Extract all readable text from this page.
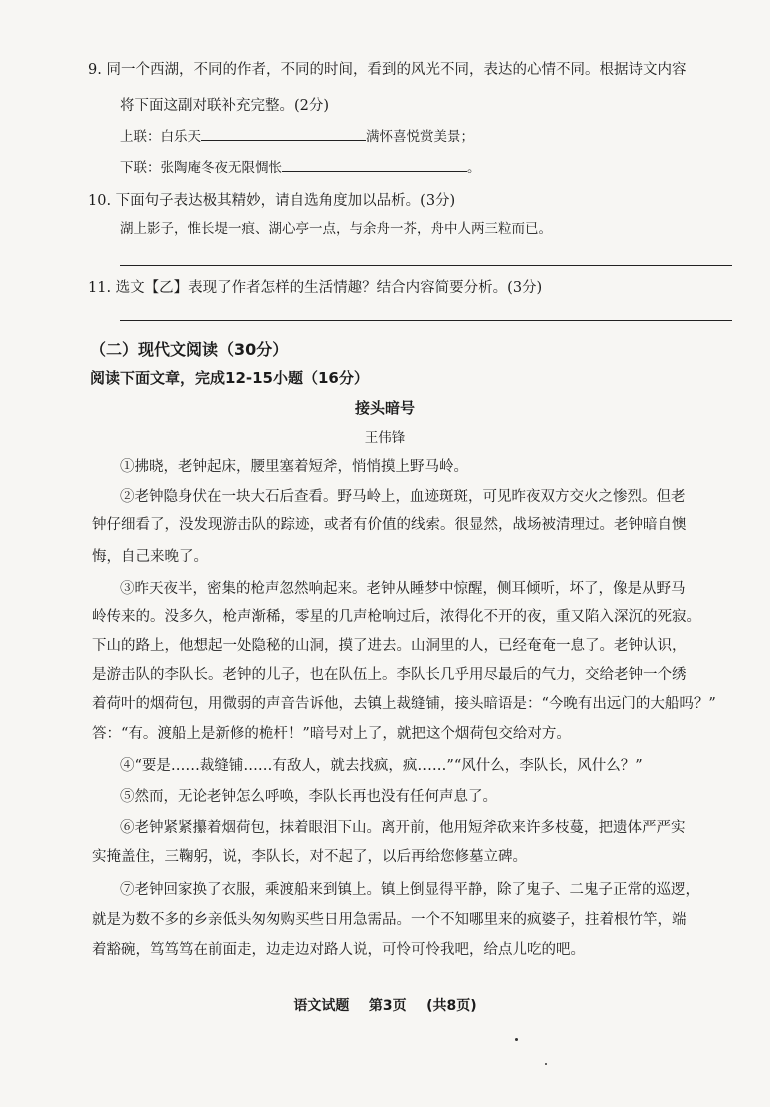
9. 同一个西湖，不同的作者，不同的时间，看到的风光不同，表达的心情不同。根据诗文内容
将下面这副对联补充完整。(2分)
上联：白乐天	满怀喜悦赏美景；
下联：张陶庵冬夜无限惆怅	。
10. 下面句子表达极其精妙，请自选角度加以品析。(3分)
湖上影子，惟长堤一痕、湖心亭一点，与余舟一芥，舟中人两三粒而已。
11. 选文【乙】表现了作者怎样的生活情趣？结合内容简要分析。(3分)
（二）现代文阅读（30分）
阅读下面文章，完成12-15小题（16分）
接头暗号
王伟锋
①拂晓，老钟起床，腰里塞着短斧，悄悄摸上野马岭。
②老钟隐身伏在一块大石后查看。野马岭上，血迹斑斑，可见昨夜双方交火之惨烈。但老
钟仔细看了，没发现游击队的踪迹，或者有价值的线索。很显然，战场被清理过。老钟暗自懊
悔，自己来晚了。
③昨天夜半，密集的枪声忽然响起来。老钟从睡梦中惊醒，侧耳倾听，坏了，像是从野马
岭传来的。没多久，枪声渐稀，零星的几声枪响过后，浓得化不开的夜，重又陷入深沉的死寂。
下山的路上，他想起一处隐秘的山洞，摸了进去。山洞里的人，已经奄奄一息了。老钟认识，
是游击队的李队长。老钟的儿子，也在队伍上。李队长几乎用尽最后的气力，交给老钟一个绣
着荷叶的烟荷包，用微弱的声音告诉他，去镇上裁缝铺，接头暗语是：“今晚有出远门的大船吗？”
答：“有。渡船上是新修的桅杆！”暗号对上了，就把这个烟荷包交给对方。
④“要是……裁缝铺……有敌人，就去找疯，疯……”“风什么，李队长，风什么？”
⑤然而，无论老钟怎么呼唤，李队长再也没有任何声息了。
⑥老钟紧紧攥着烟荷包，抹着眼泪下山。离开前，他用短斧砍来许多枝蔓，把遗体严严实
实掩盖住，三鞠躬，说，李队长，对不起了，以后再给您修墓立碑。
⑦老钟回家换了衣服，乘渡船来到镇上。镇上倒显得平静，除了鬼子、二鬼子正常的巡逻，
就是为数不多的乡亲低头匆匆购买些日用急需品。一个不知哪里来的疯婆子，拄着根竹竿，端
着豁碗，笃笃笃在前面走，边走边对路人说，可怜可怜我吧，给点儿吃的吧。
语文试题    第3页    (共8页)
